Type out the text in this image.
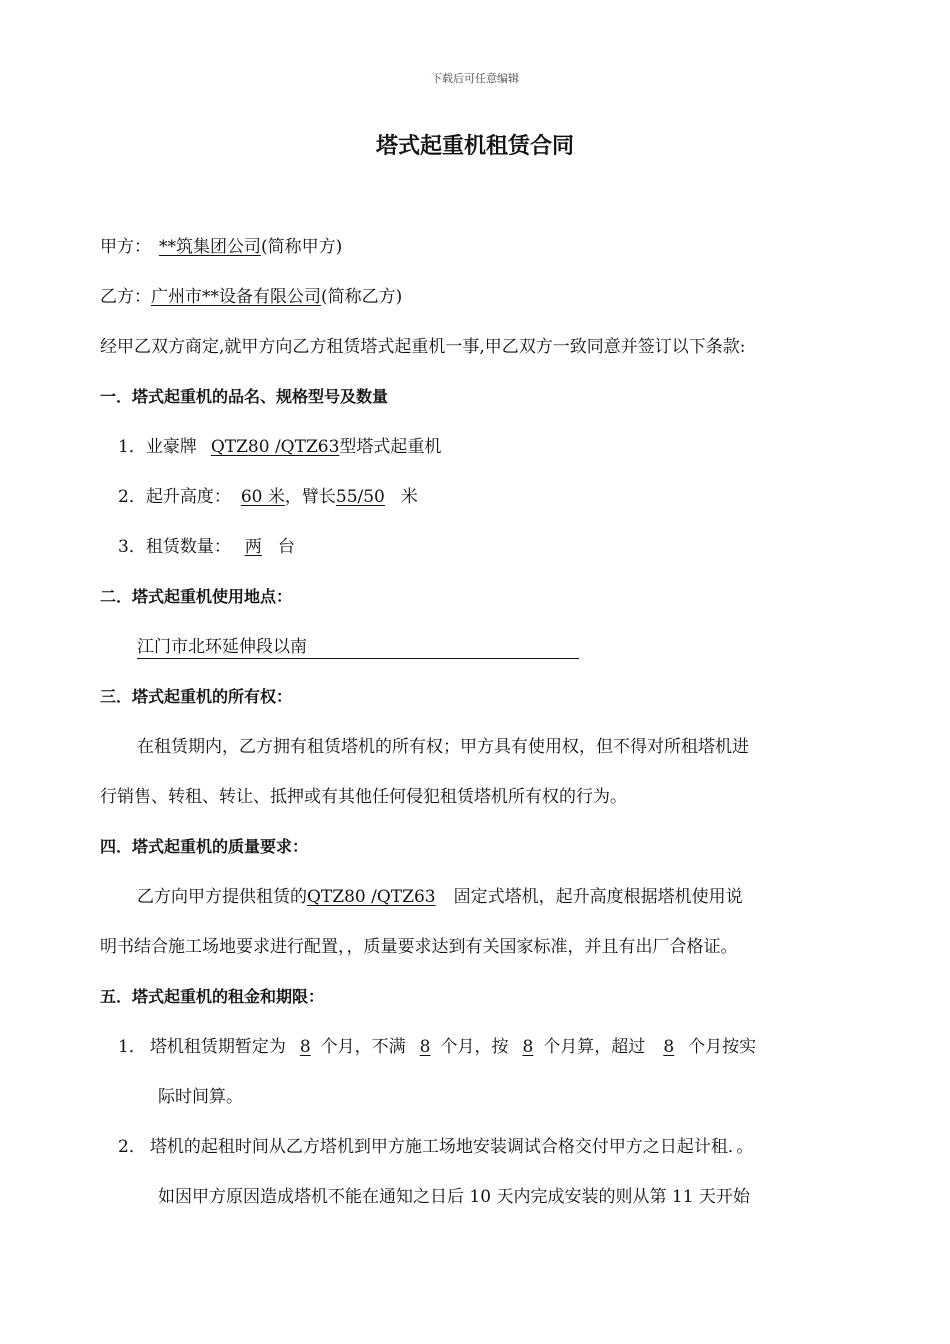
下载后可任意编辑
塔式起重机租赁合同
甲方： **筑集团公司(简称甲方)
乙方：广州市**设备有限公司(简称乙方)
经甲乙双方商定,就甲方向乙方租赁塔式起重机一事,甲乙双方一致同意并签订以下条款:
一．塔式起重机的品名、规格型号及数量
1．业豪牌 QTZ80 /QTZ63型塔式起重机
2．起升高度： 60 米，臂长55/50 米
3．租赁数量： 两 台
二．塔式起重机使用地点：
江门市北环延伸段以南
三．塔式起重机的所有权：
在租赁期内，乙方拥有租赁塔机的所有权；甲方具有使用权，但不得对所租塔机进
行销售、转租、转让、抵押或有其他任何侵犯租赁塔机所有权的行为。
四．塔式起重机的质量要求：
乙方向甲方提供租赁的QTZ80 /QTZ63 固定式塔机，起升高度根据塔机使用说
明书结合施工场地要求进行配置，，质量要求达到有关国家标准，并且有出厂合格证。
五．塔式起重机的租金和期限：
1． 塔机租赁期暂定为 8 个月，不满 8 个月，按 8 个月算，超过 8 个月按实
际时间算。
2． 塔机的起租时间从乙方塔机到甲方施工场地安装调试合格交付甲方之日起计租．。
如因甲方原因造成塔机不能在通知之日后 10 天内完成安装的则从第 11 天开始
